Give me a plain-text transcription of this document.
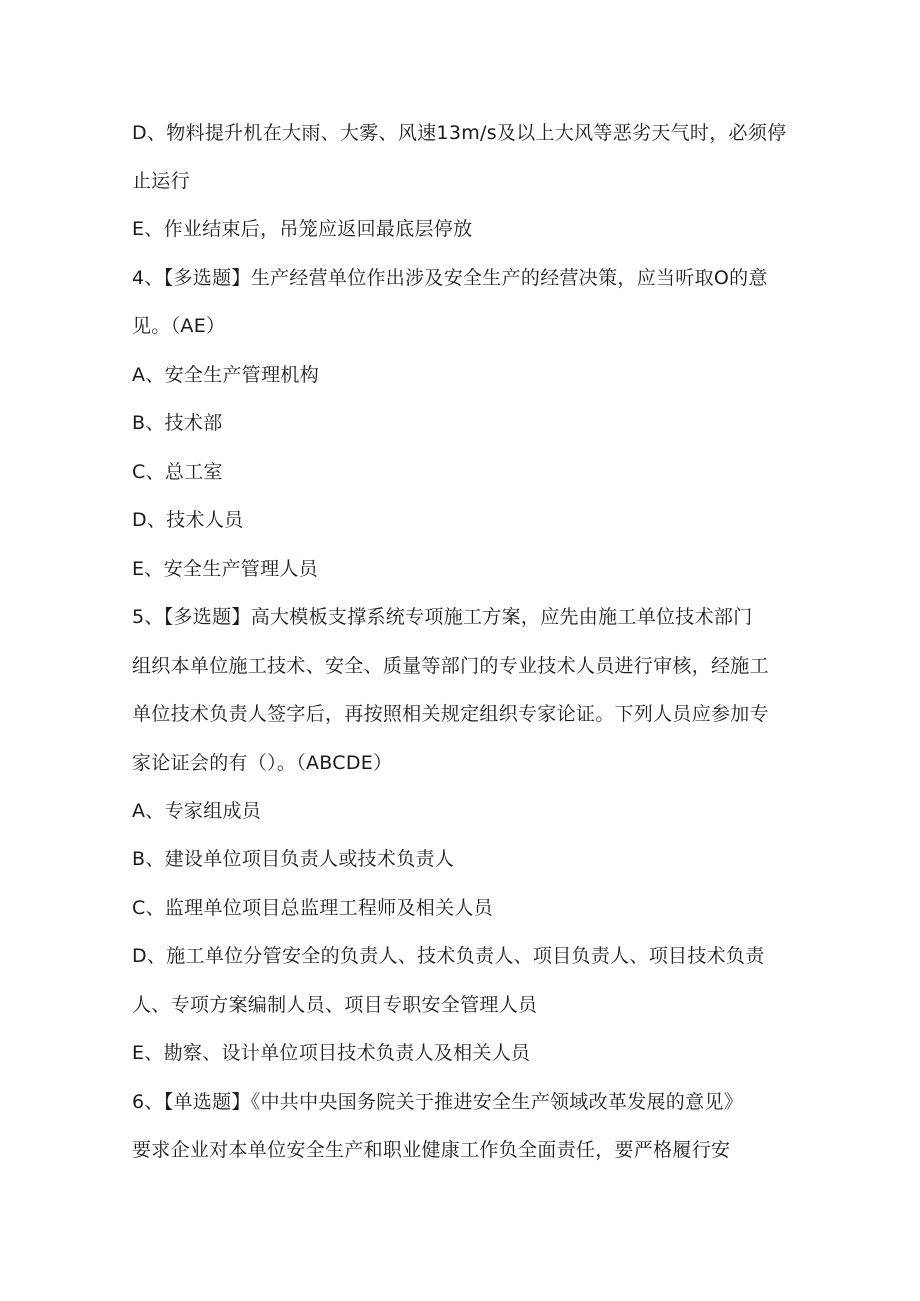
D、物料提升机在大雨、大雾、风速13m/s及以上大风等恶劣天气时，必须停
止运行
E、作业结束后，吊笼应返回最底层停放
4、【多选题】生产经营单位作出涉及安全生产的经营决策，应当听取O的意
见。（AE）
A、安全生产管理机构
B、技术部
C、总工室
D、技术人员
E、安全生产管理人员
5、【多选题】高大模板支撑系统专项施工方案，应先由施工单位技术部门
组织本单位施工技术、安全、质量等部门的专业技术人员进行审核，经施工
单位技术负责人签字后，再按照相关规定组织专家论证。下列人员应参加专
家论证会的有（）。（ABCDE）
A、专家组成员
B、建设单位项目负责人或技术负责人
C、监理单位项目总监理工程师及相关人员
D、施工单位分管安全的负责人、技术负责人、项目负责人、项目技术负责
人、专项方案编制人员、项目专职安全管理人员
E、勘察、设计单位项目技术负责人及相关人员
6、【单选题】《中共中央国务院关于推进安全生产领域改革发展的意见》
要求企业对本单位安全生产和职业健康工作负全面责任，要严格履行安
